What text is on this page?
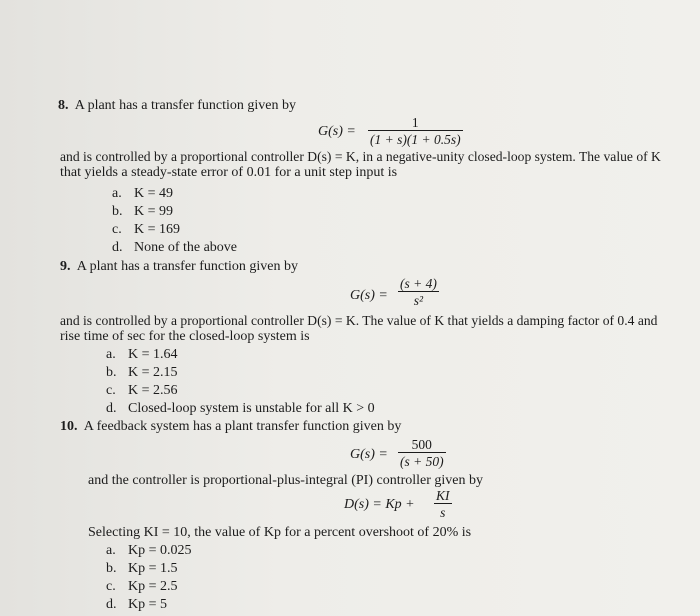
8. A plant has a transfer function given by
$G(s) = \frac{1}{(1 + s)(1 + 0.5s)}$
and is controlled by a proportional controller D(s) = K, in a negative-unity closed-loop system. The value of K
that yields a steady-state error of 0.01 for a unit step input is
a. K = 49
b. K = 99
c. K = 169
d. None of the above
9. A plant has a transfer function given by
$G(s) = \frac{(s + 4)}{\text{s²}}$
and is controlled by a proportional controller D(s) = K. The value of K that yields a damping factor of 0.4 and
rise time of sec for the closed-loop system is
a. K = 1.64
b. K = 2.15
c. K = 2.56
d. Closed-loop system is unstable for all K > 0
10. A feedback system has a plant transfer function given by
$G(s) = \frac{500}{(s + 50)}$
and the controller is proportional-plus-integral (PI) controller given by
$D(s) = Kp + \frac{KI}{s}$
Selecting KI = 10, the value of Kp for a percent overshoot of 20% is
a. Kp = 0.025
b. Kp = 1.5
c. Kp = 2.5
d. Kp = 5
